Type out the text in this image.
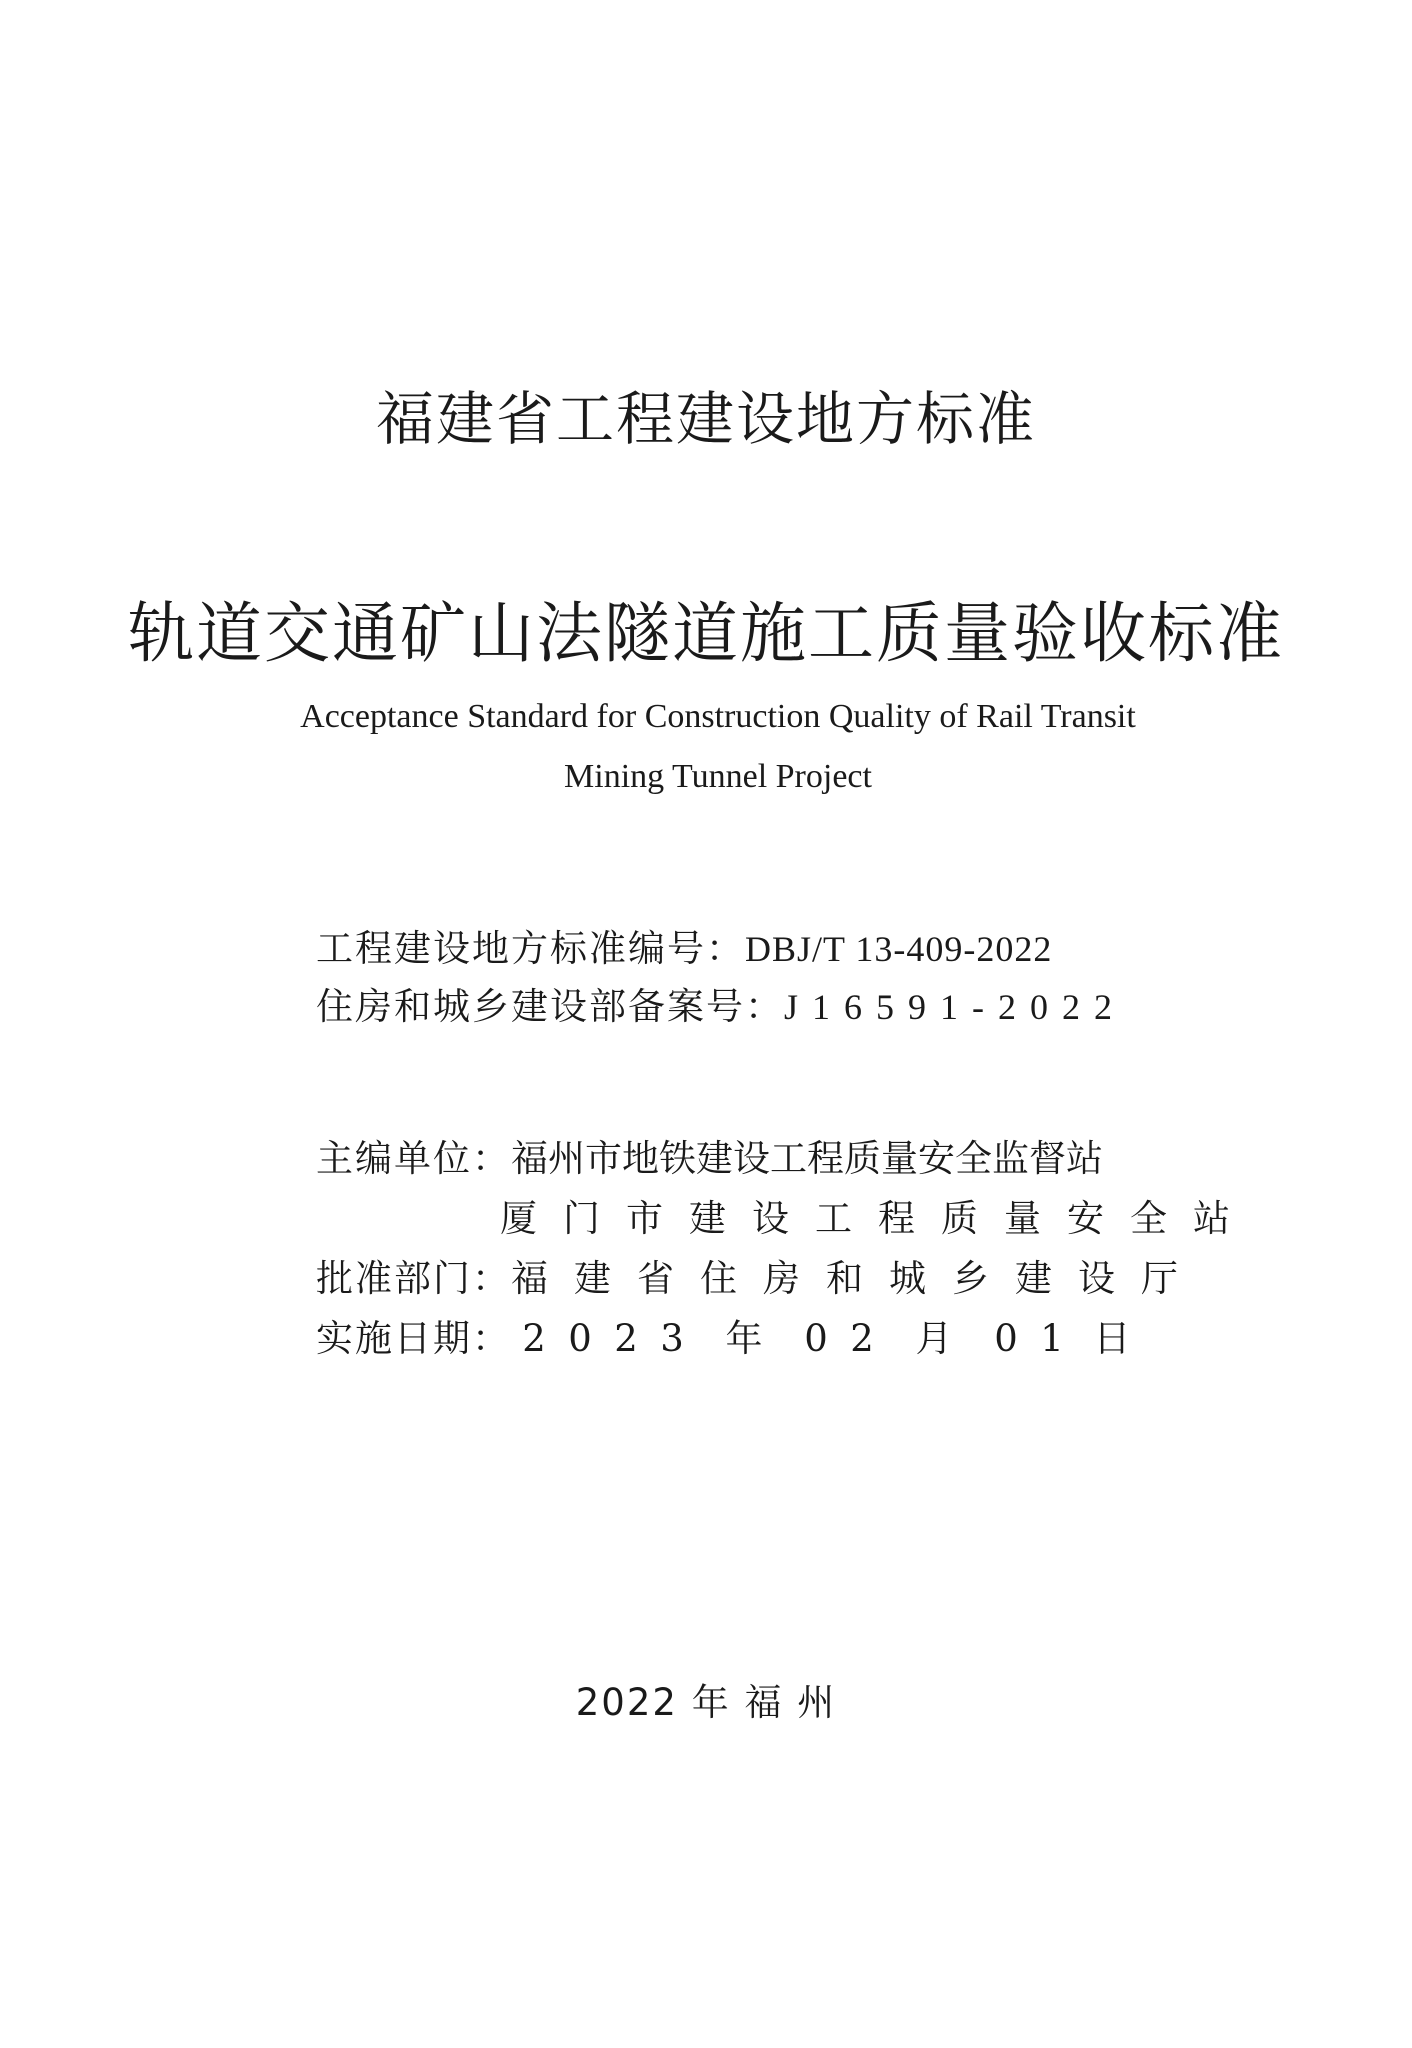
福建省工程建设地方标准
轨道交通矿山法隧道施工质量验收标准
Acceptance Standard for Construction Quality of Rail Transit
Mining Tunnel Project
工程建设地方标准编号：DBJ/T 13-409-2022
住房和城乡建设部备案号：J16591-2022
主编单位：福州市地铁建设工程质量安全监督站
厦门市建设工程质量安全站
批准部门：福建省住房和城乡建设厅
实施日期： 2 0 2 3 年 0 2 月 0 1 日
2022 年 福 州
